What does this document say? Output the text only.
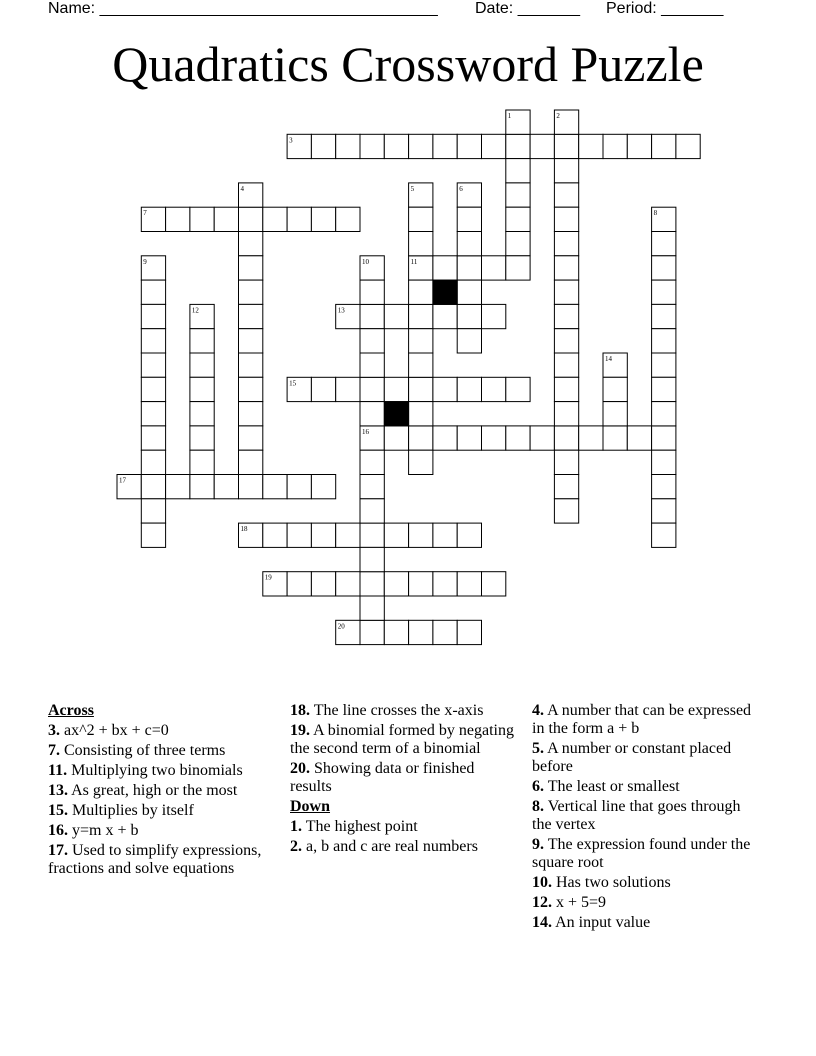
Name: ______________________________________ Date: _______ Period: _______
Quadratics Crossword Puzzle
1	2
3
4	5	6
7	8
9	10	11
12	13
14
15
16
17
18
19
20
Across
3. ax^2 + bx + c=0
7. Consisting of three terms
11. Multiplying two binomials
13. As great, high or the most
15. Multiplies by itself
16. y=m x + b
17. Used to simplify expressions, fractions and solve equations
18. The line crosses the x-axis
19. A binomial formed by negating the second term of a binomial
20. Showing data or finished results
Down
1. The highest point
2. a, b and c are real numbers
4. A number that can be expressed in the form a + b
5. A number or constant placed before
6. The least or smallest
8. Vertical line that goes through the vertex
9. The expression found under the square root
10. Has two solutions
12. x + 5=9
14. An input value
